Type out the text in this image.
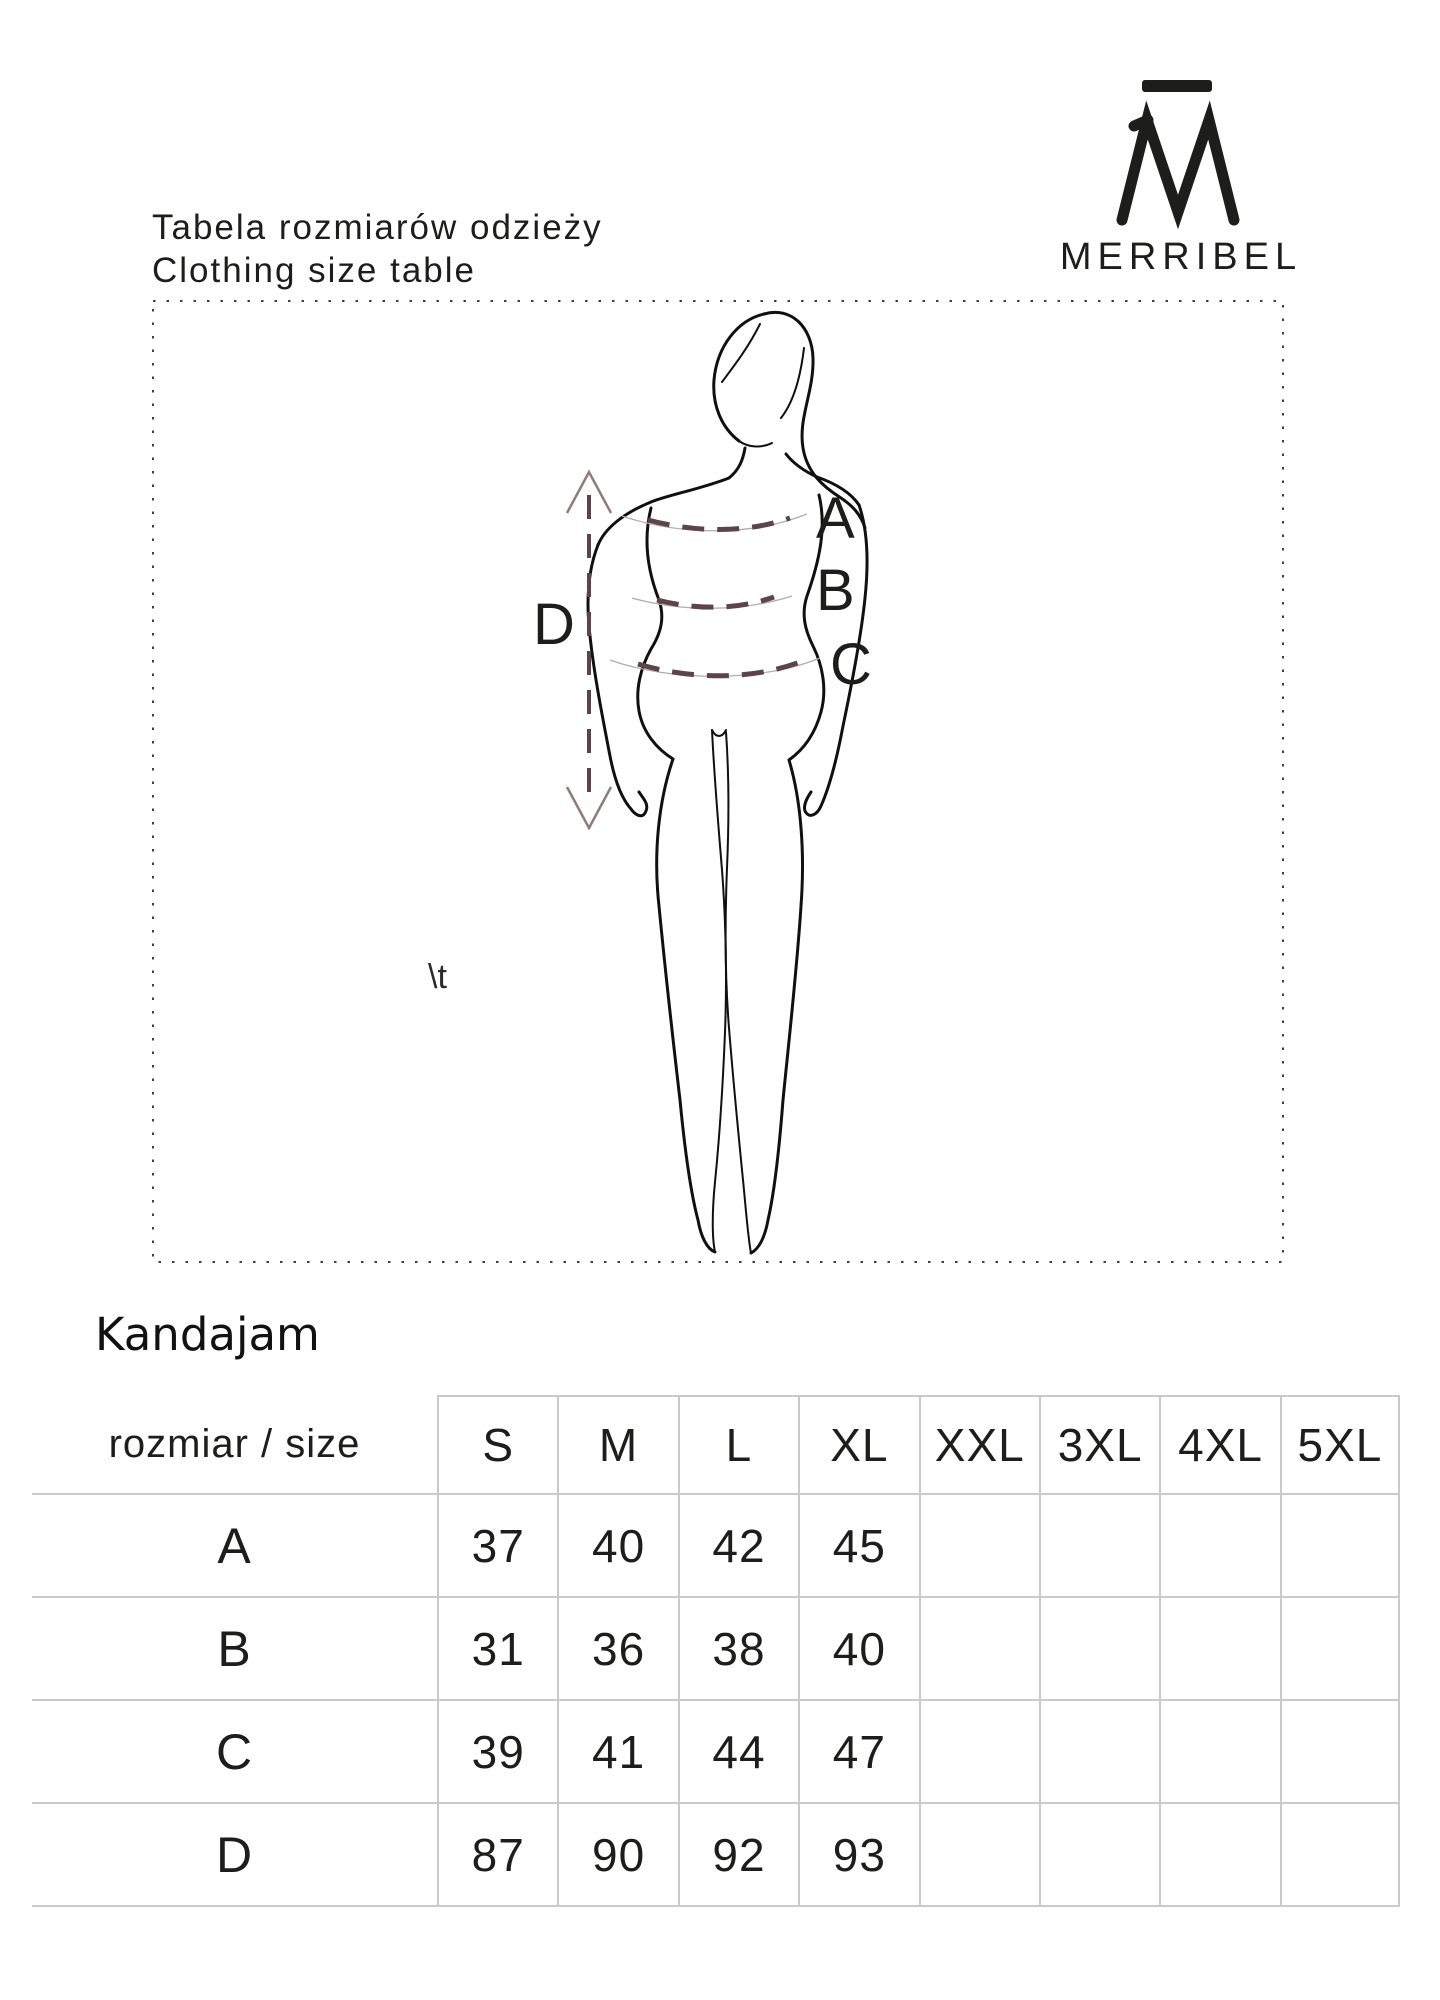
Tabela rozmiarów odzieży
Clothing size table	MERRIBEL
A
B
C
D
\t
Kandajam
rozmiar / size	S	M	L	XL	XXL 3XL 4XL 5XL
A	37	40	42	45
B	31	36	38	40
C	39	41	44	47
D	87	90	92	93
